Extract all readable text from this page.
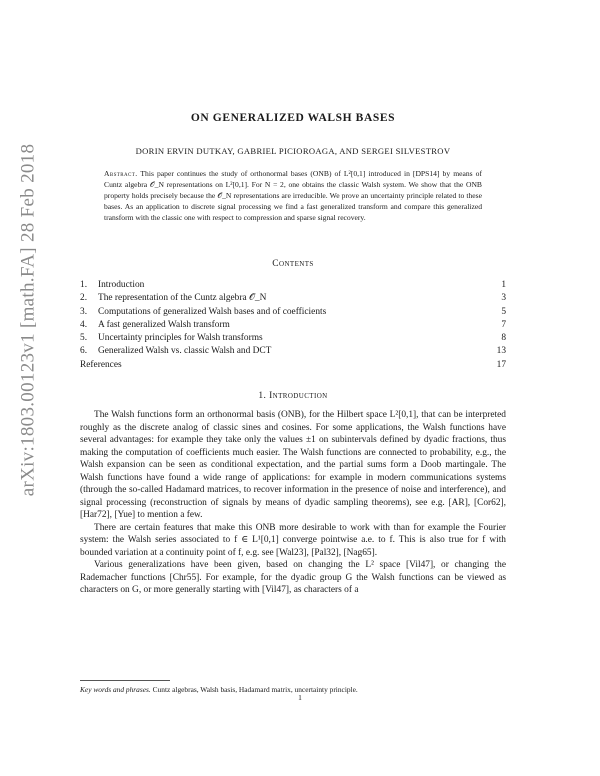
arXiv:1803.00123v1 [math.FA] 28 Feb 2018
ON GENERALIZED WALSH BASES
DORIN ERVIN DUTKAY, GABRIEL PICIOROAGA, AND SERGEI SILVESTROV
Abstract. This paper continues the study of orthonormal bases (ONB) of L²[0,1] introduced in [DPS14] by means of Cuntz algebra 𝒪_N representations on L²[0,1]. For N = 2, one obtains the classic Walsh system. We show that the ONB property holds precisely because the 𝒪_N representations are irreducible. We prove an uncertainty principle related to these bases. As an application to discrete signal processing we find a fast generalized transform and compare this generalized transform with the classic one with respect to compression and sparse signal recovery.
Contents
1.	Introduction	1
2.	The representation of the Cuntz algebra 𝒪_N	3
3.	Computations of generalized Walsh bases and of coefficients	5
4.	A fast generalized Walsh transform	7
5.	Uncertainty principles for Walsh transforms	8
6.	Generalized Walsh vs. classic Walsh and DCT	13
References	17
1. Introduction

The Walsh functions form an orthonormal basis (ONB), for the Hilbert space L²[0,1], that can be interpreted roughly as the discrete analog of classic sines and cosines. For some applications, the Walsh functions have several advantages: for example they take only the values ±1 on subintervals defined by dyadic fractions, thus making the computation of coefficients much easier. The Walsh functions are connected to probability, e.g., the Walsh expansion can be seen as conditional expectation, and the partial sums form a Doob martingale. The Walsh functions have found a wide range of applications: for example in modern communications systems (through the so-called Hadamard matrices, to recover information in the presence of noise and interference), and signal processing (reconstruction of signals by means of dyadic sampling theorems), see e.g. [AR], [Cor62], [Har72], [Yue] to mention a few.

There are certain features that make this ONB more desirable to work with than for example the Fourier system: the Walsh series associated to f ∈ L¹[0,1] converge pointwise a.e. to f. This is also true for f with bounded variation at a continuity point of f, e.g. see [Wal23], [Pal32], [Nag65].

Various generalizations have been given, based on changing the L² space [Vil47], or changing the Rademacher functions [Chr55]. For example, for the dyadic group G the Walsh functions can be viewed as characters on G, or more generally starting with [Vil47], as characters of a

Key words and phrases. Cuntz algebras, Walsh basis, Hadamard matrix, uncertainty principle.
1
